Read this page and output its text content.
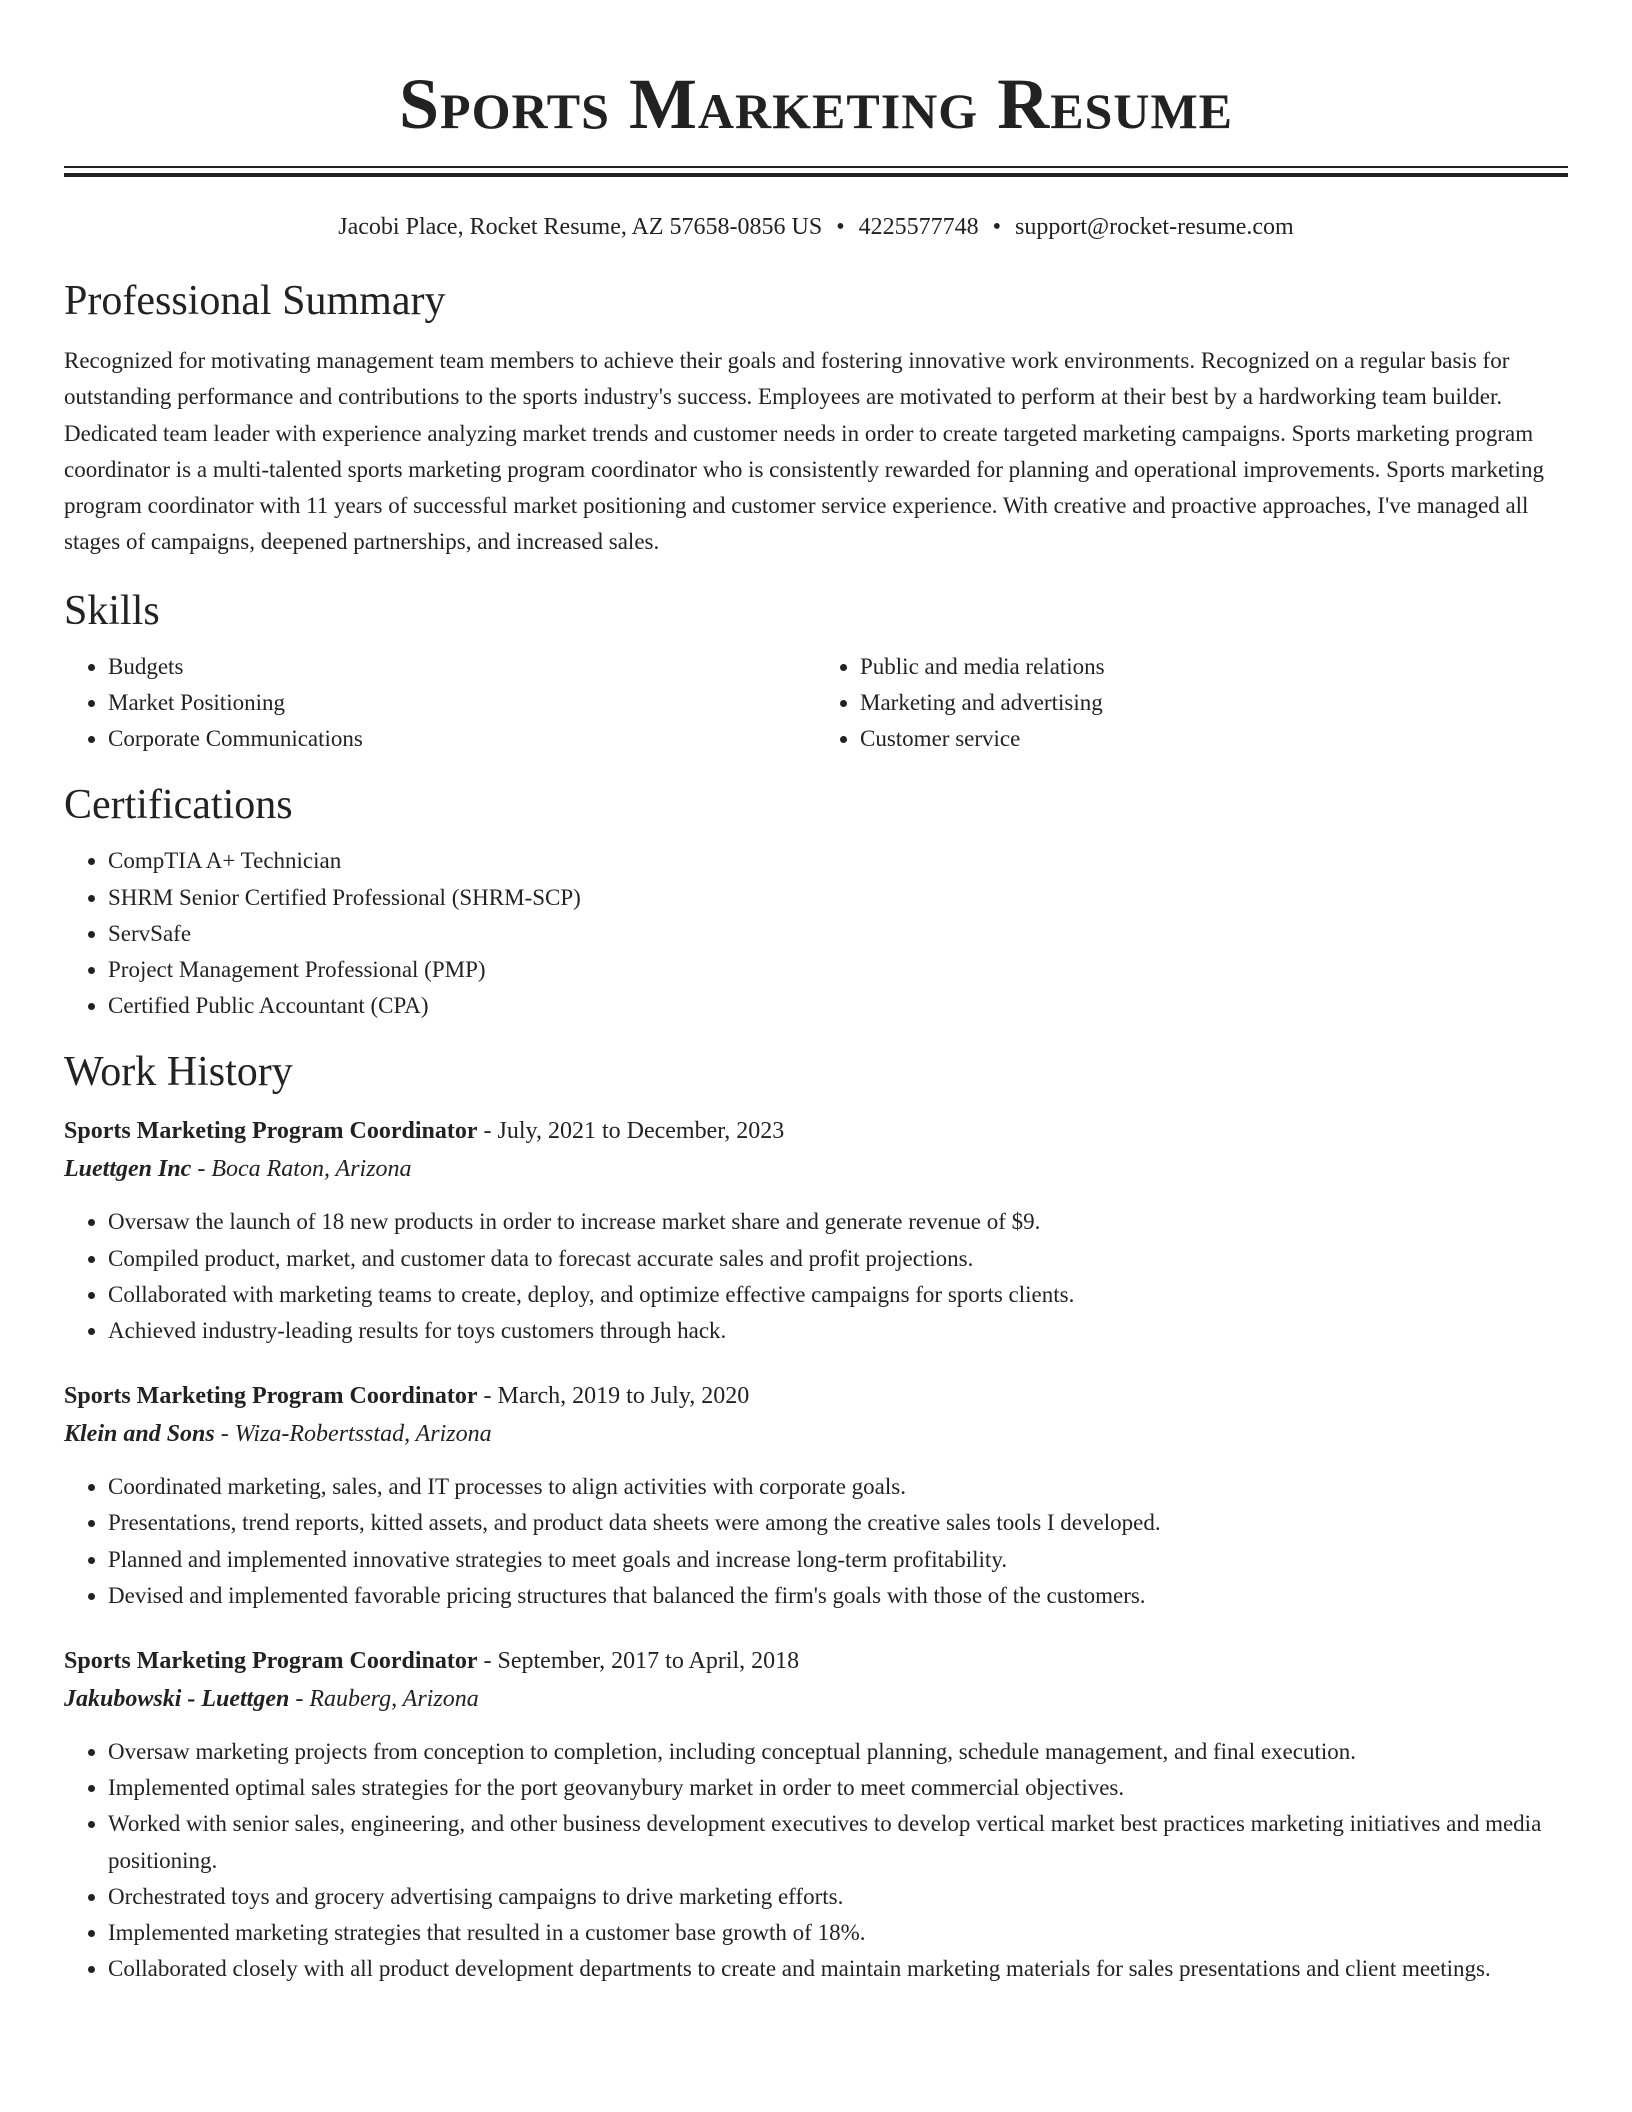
Sports Marketing Resume
Jacobi Place, Rocket Resume, AZ 57658-0856 US • 4225577748 • support@rocket-resume.com
Professional Summary
Recognized for motivating management team members to achieve their goals and fostering innovative work environments. Recognized on a regular basis for outstanding performance and contributions to the sports industry's success. Employees are motivated to perform at their best by a hardworking team builder. Dedicated team leader with experience analyzing market trends and customer needs in order to create targeted marketing campaigns. Sports marketing program coordinator is a multi-talented sports marketing program coordinator who is consistently rewarded for planning and operational improvements. Sports marketing program coordinator with 11 years of successful market positioning and customer service experience. With creative and proactive approaches, I've managed all stages of campaigns, deepened partnerships, and increased sales.
Skills
• Budgets
• Market Positioning
• Corporate Communications
• Public and media relations
• Marketing and advertising
• Customer service
Certifications
• CompTIA A+ Technician
• SHRM Senior Certified Professional (SHRM-SCP)
• ServSafe
• Project Management Professional (PMP)
• Certified Public Accountant (CPA)
Work History
Sports Marketing Program Coordinator - July, 2021 to December, 2023
Luettgen Inc - Boca Raton, Arizona
• Oversaw the launch of 18 new products in order to increase market share and generate revenue of $9.
• Compiled product, market, and customer data to forecast accurate sales and profit projections.
• Collaborated with marketing teams to create, deploy, and optimize effective campaigns for sports clients.
• Achieved industry-leading results for toys customers through hack.
Sports Marketing Program Coordinator - March, 2019 to July, 2020
Klein and Sons - Wiza-Robertsstad, Arizona
• Coordinated marketing, sales, and IT processes to align activities with corporate goals.
• Presentations, trend reports, kitted assets, and product data sheets were among the creative sales tools I developed.
• Planned and implemented innovative strategies to meet goals and increase long-term profitability.
• Devised and implemented favorable pricing structures that balanced the firm's goals with those of the customers.
Sports Marketing Program Coordinator - September, 2017 to April, 2018
Jakubowski - Luettgen - Rauberg, Arizona
• Oversaw marketing projects from conception to completion, including conceptual planning, schedule management, and final execution.
• Implemented optimal sales strategies for the port geovanybury market in order to meet commercial objectives.
• Worked with senior sales, engineering, and other business development executives to develop vertical market best practices marketing initiatives and media positioning.
• Orchestrated toys and grocery advertising campaigns to drive marketing efforts.
• Implemented marketing strategies that resulted in a customer base growth of 18%.
• Collaborated closely with all product development departments to create and maintain marketing materials for sales presentations and client meetings.
